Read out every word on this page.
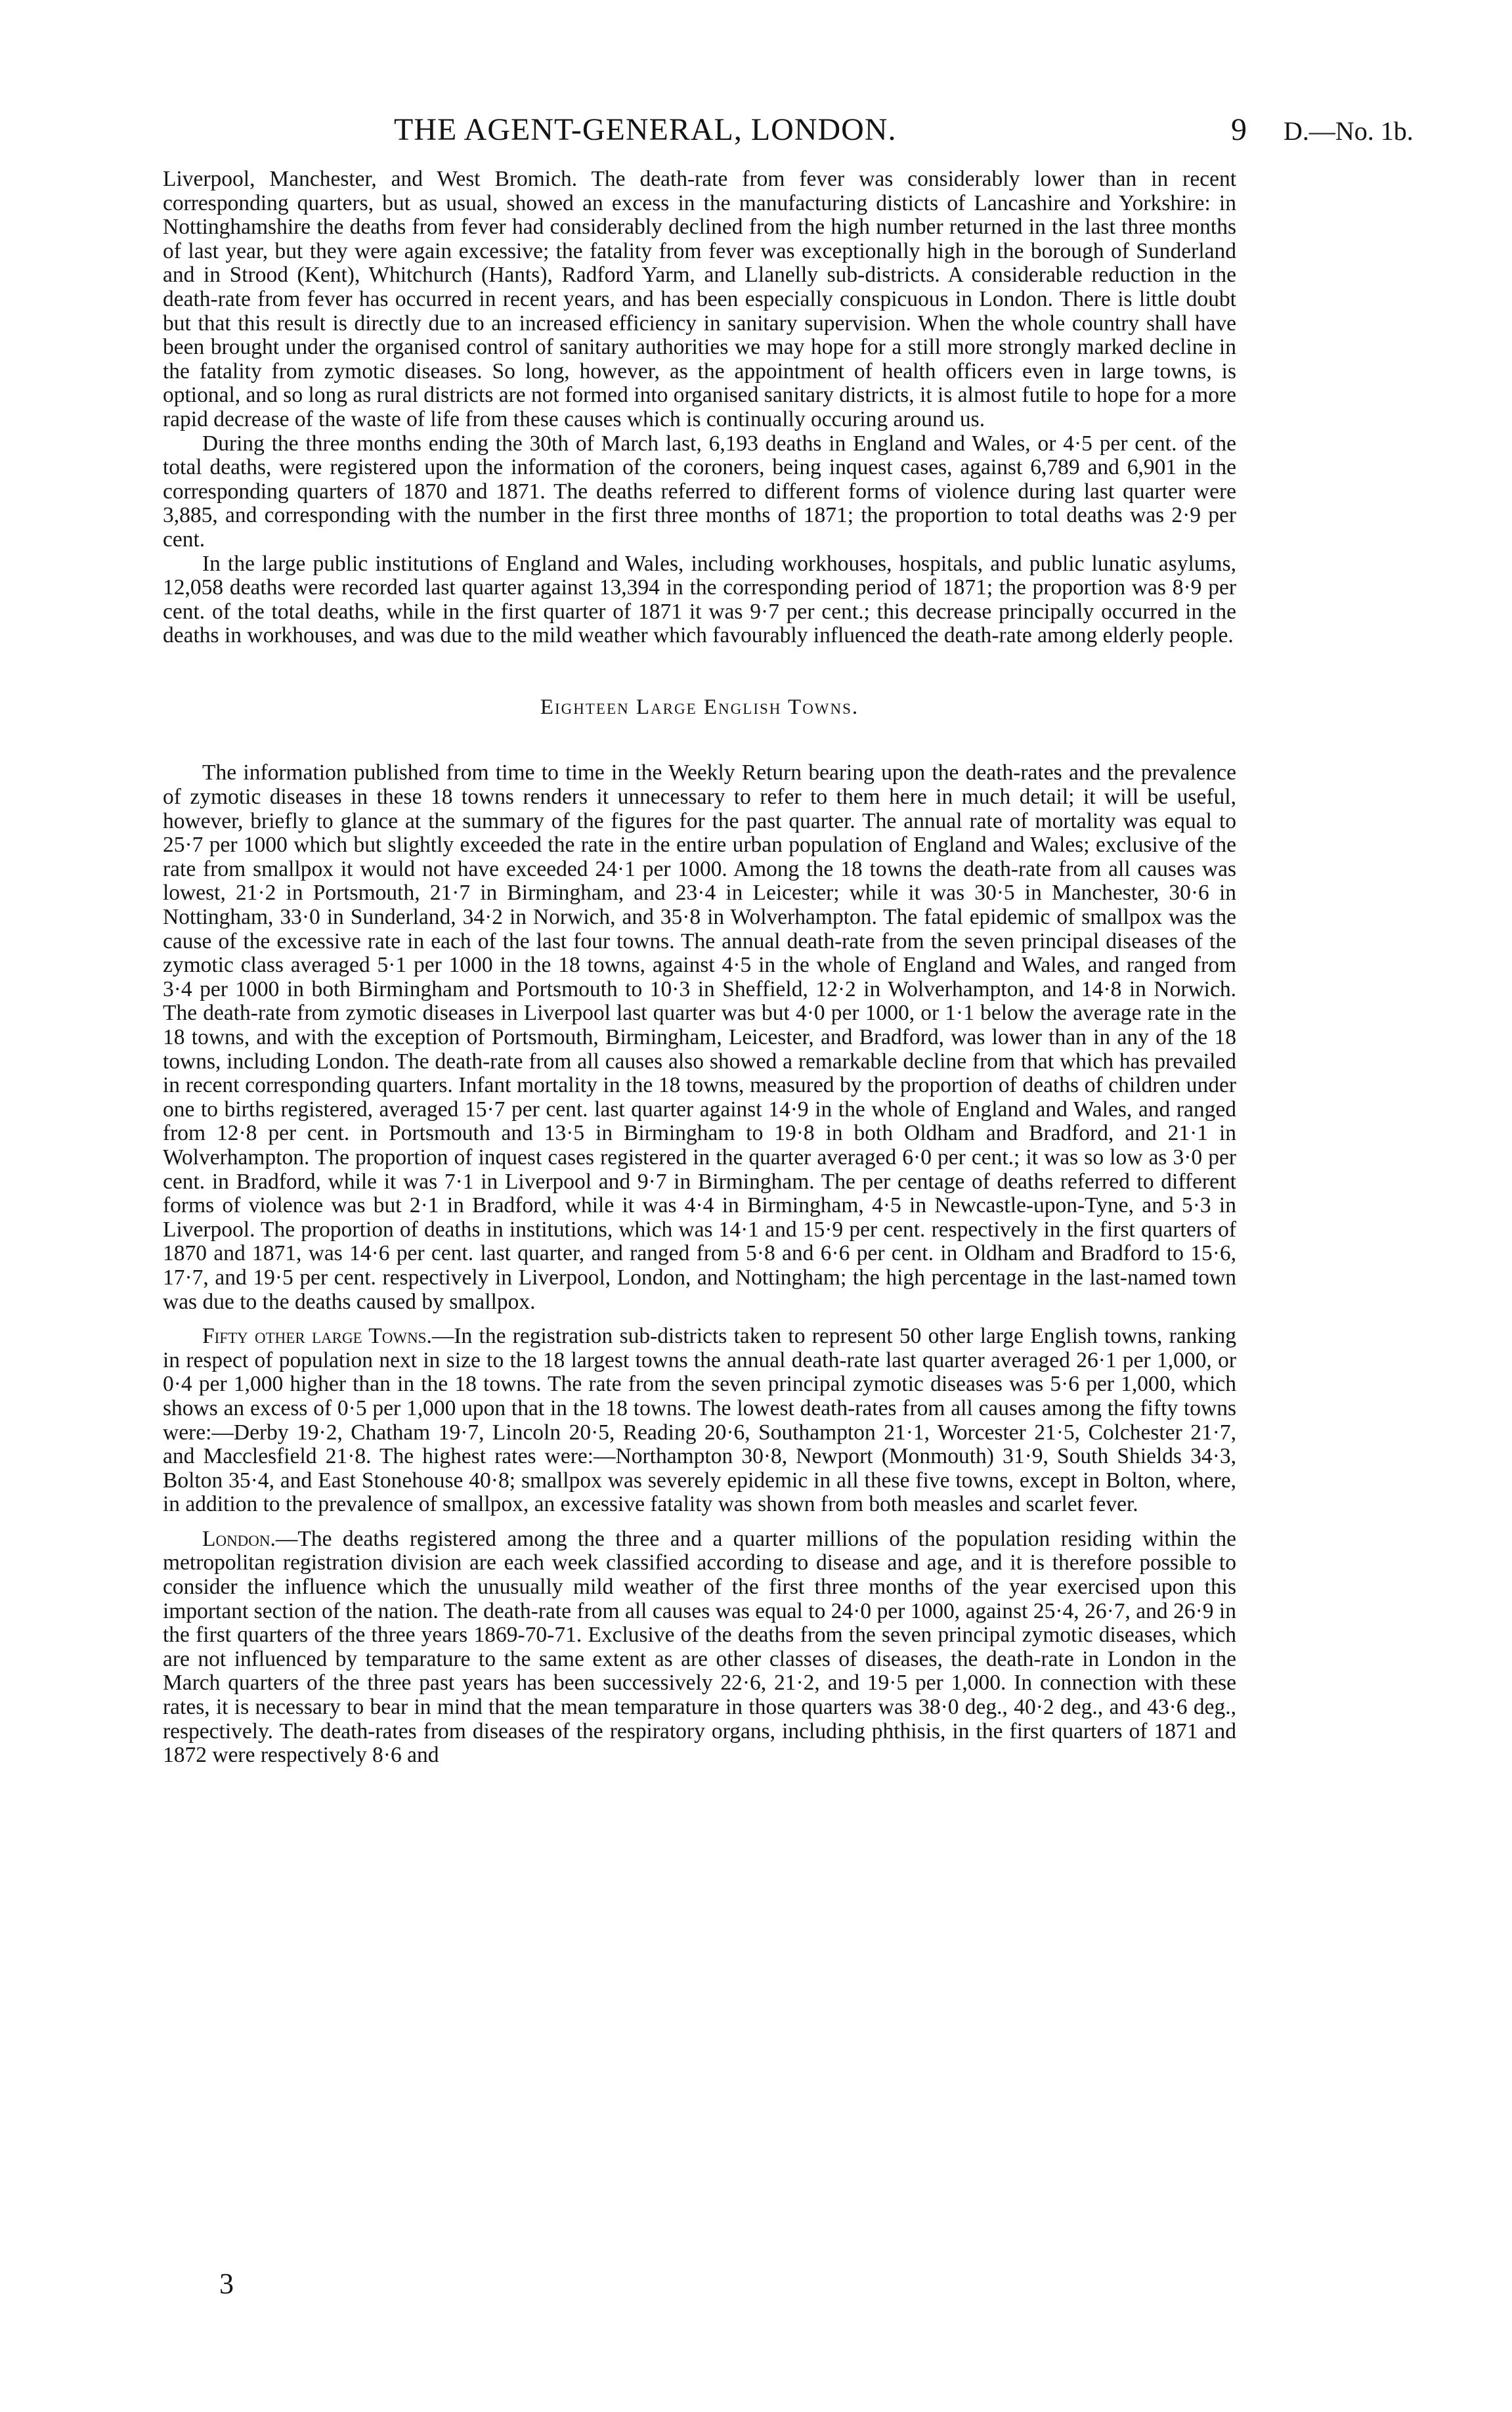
THE AGENT-GENERAL, LONDON.	9 D.—No. 1b.

Liverpool, Manchester, and West Bromich. The death-rate from fever was considerably lower than in recent corresponding quarters, but as usual, showed an excess in the manufacturing disticts of Lancashire and Yorkshire: in Nottinghamshire the deaths from fever had considerably declined from the high number returned in the last three months of last year, but they were again excessive; the fatality from fever was exceptionally high in the borough of Sunderland and in Strood (Kent), Whitchurch (Hants), Radford Yarm, and Llanelly sub-districts. A considerable reduction in the death-rate from fever has occurred in recent years, and has been especially conspicuous in London. There is little doubt but that this result is directly due to an increased efficiency in sanitary supervision. When the whole country shall have been brought under the organised control of sanitary authorities we may hope for a still more strongly marked decline in the fatality from zymotic diseases. So long, however, as the appointment of health officers even in large towns, is optional, and so long as rural districts are not formed into organised sanitary districts, it is almost futile to hope for a more rapid decrease of the waste of life from these causes which is continually occuring around us.

During the three months ending the 30th of March last, 6,193 deaths in England and Wales, or 4·5 per cent. of the total deaths, were registered upon the information of the coroners, being inquest cases, against 6,789 and 6,901 in the corresponding quarters of 1870 and 1871. The deaths referred to different forms of violence during last quarter were 3,885, and corresponding with the number in the first three months of 1871; the proportion to total deaths was 2·9 per cent.

In the large public institutions of England and Wales, including workhouses, hospitals, and public lunatic asylums, 12,058 deaths were recorded last quarter against 13,394 in the corresponding period of 1871; the proportion was 8·9 per cent. of the total deaths, while in the first quarter of 1871 it was 9·7 per cent.; this decrease principally occurred in the deaths in workhouses, and was due to the mild weather which favourably influenced the death-rate among elderly people.

Eighteen Large English Towns.

The information published from time to time in the Weekly Return bearing upon the death-rates and the prevalence of zymotic diseases in these 18 towns renders it unnecessary to refer to them here in much detail; it will be useful, however, briefly to glance at the summary of the figures for the past quarter. The annual rate of mortality was equal to 25·7 per 1000 which but slightly exceeded the rate in the entire urban population of England and Wales; exclusive of the rate from smallpox it would not have exceeded 24·1 per 1000. Among the 18 towns the death-rate from all causes was lowest, 21·2 in Portsmouth, 21·7 in Birmingham, and 23·4 in Leicester; while it was 30·5 in Manchester, 30·6 in Nottingham, 33·0 in Sunderland, 34·2 in Norwich, and 35·8 in Wolverhampton. The fatal epidemic of smallpox was the cause of the excessive rate in each of the last four towns. The annual death-rate from the seven principal diseases of the zymotic class averaged 5·1 per 1000 in the 18 towns, against 4·5 in the whole of England and Wales, and ranged from 3·4 per 1000 in both Birmingham and Portsmouth to 10·3 in Sheffield, 12·2 in Wolverhampton, and 14·8 in Norwich. The death-rate from zymotic diseases in Liverpool last quarter was but 4·0 per 1000, or 1·1 below the average rate in the 18 towns, and with the exception of Portsmouth, Birmingham, Leicester, and Bradford, was lower than in any of the 18 towns, including London. The death-rate from all causes also showed a remarkable decline from that which has prevailed in recent corresponding quarters. Infant mortality in the 18 towns, measured by the proportion of deaths of children under one to births registered, averaged 15·7 per cent. last quarter against 14·9 in the whole of England and Wales, and ranged from 12·8 per cent. in Portsmouth and 13·5 in Birmingham to 19·8 in both Oldham and Bradford, and 21·1 in Wolverhampton. The proportion of inquest cases registered in the quarter averaged 6·0 per cent.; it was so low as 3·0 per cent. in Bradford, while it was 7·1 in Liverpool and 9·7 in Birmingham. The per centage of deaths referred to different forms of violence was but 2·1 in Bradford, while it was 4·4 in Birmingham, 4·5 in Newcastle-upon-Tyne, and 5·3 in Liverpool. The proportion of deaths in institutions, which was 14·1 and 15·9 per cent. respectively in the first quarters of 1870 and 1871, was 14·6 per cent. last quarter, and ranged from 5·8 and 6·6 per cent. in Oldham and Bradford to 15·6, 17·7, and 19·5 per cent. respectively in Liverpool, London, and Nottingham; the high percentage in the last-named town was due to the deaths caused by smallpox.

Fifty other large Towns.—In the registration sub-districts taken to represent 50 other large English towns, ranking in respect of population next in size to the 18 largest towns the annual death-rate last quarter averaged 26·1 per 1,000, or 0·4 per 1,000 higher than in the 18 towns. The rate from the seven principal zymotic diseases was 5·6 per 1,000, which shows an excess of 0·5 per 1,000 upon that in the 18 towns. The lowest death-rates from all causes among the fifty towns were:—Derby 19·2, Chatham 19·7, Lincoln 20·5, Reading 20·6, Southampton 21·1, Worcester 21·5, Colchester 21·7, and Macclesfield 21·8. The highest rates were:—Northampton 30·8, Newport (Monmouth) 31·9, South Shields 34·3, Bolton 35·4, and East Stonehouse 40·8; smallpox was severely epidemic in all these five towns, except in Bolton, where, in addition to the prevalence of smallpox, an excessive fatality was shown from both measles and scarlet fever.

London.—The deaths registered among the three and a quarter millions of the population residing within the metropolitan registration division are each week classified according to disease and age, and it is therefore possible to consider the influence which the unusually mild weather of the first three months of the year exercised upon this important section of the nation. The death-rate from all causes was equal to 24·0 per 1000, against 25·4, 26·7, and 26·9 in the first quarters of the three years 1869-70-71. Exclusive of the deaths from the seven principal zymotic diseases, which are not influenced by temparature to the same extent as are other classes of diseases, the death-rate in London in the March quarters of the three past years has been successively 22·6, 21·2, and 19·5 per 1,000. In connection with these rates, it is necessary to bear in mind that the mean temparature in those quarters was 38·0 deg., 40·2 deg., and 43·6 deg., respectively. The death-rates from diseases of the respiratory organs, including phthisis, in the first quarters of 1871 and 1872 were respectively 8·6 and

3
